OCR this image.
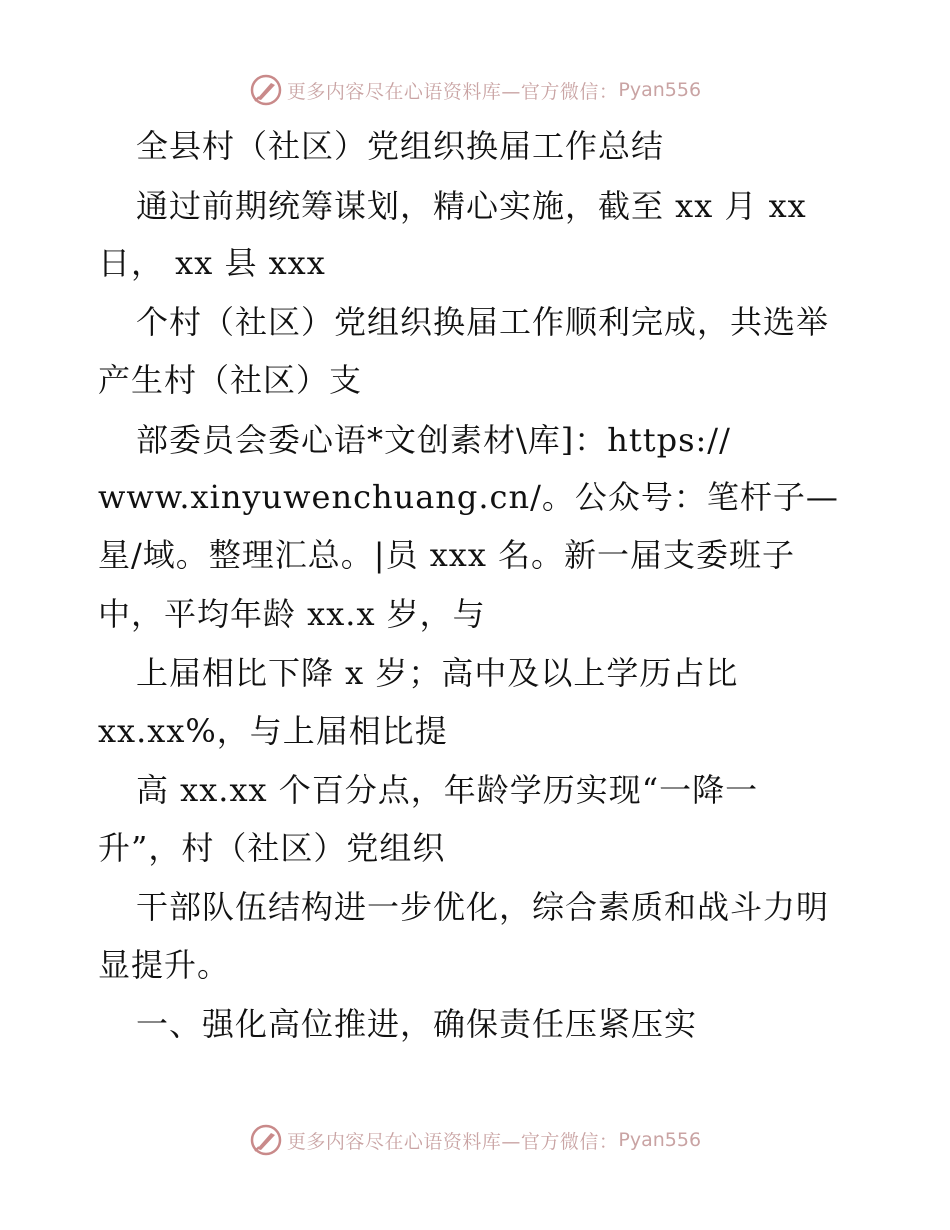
更多内容尽在心语资料库—官方微信： Pyan556
全县村（社区）党组织换届工作总结
通过前期统筹谋划，精心实施，截至 xx 月 xx
日， xx 县 xxx
个村（社区）党组织换届工作顺利完成，共选举
产生村（社区）支
部委员会委心语*文创素材\库]：https://
www.xinyuwenchuang.cn/。公众号：笔杆子—
星/域。整理汇总。|员 xxx 名。新一届支委班子
中，平均年龄 xx.x 岁，与
上届相比下降 x 岁；高中及以上学历占比
xx.xx%，与上届相比提
高 xx.xx 个百分点，年龄学历实现“一降一
升”，村（社区）党组织
干部队伍结构进一步优化，综合素质和战斗力明
显提升。
一、强化高位推进，确保责任压紧压实
更多内容尽在心语资料库—官方微信： Pyan556
